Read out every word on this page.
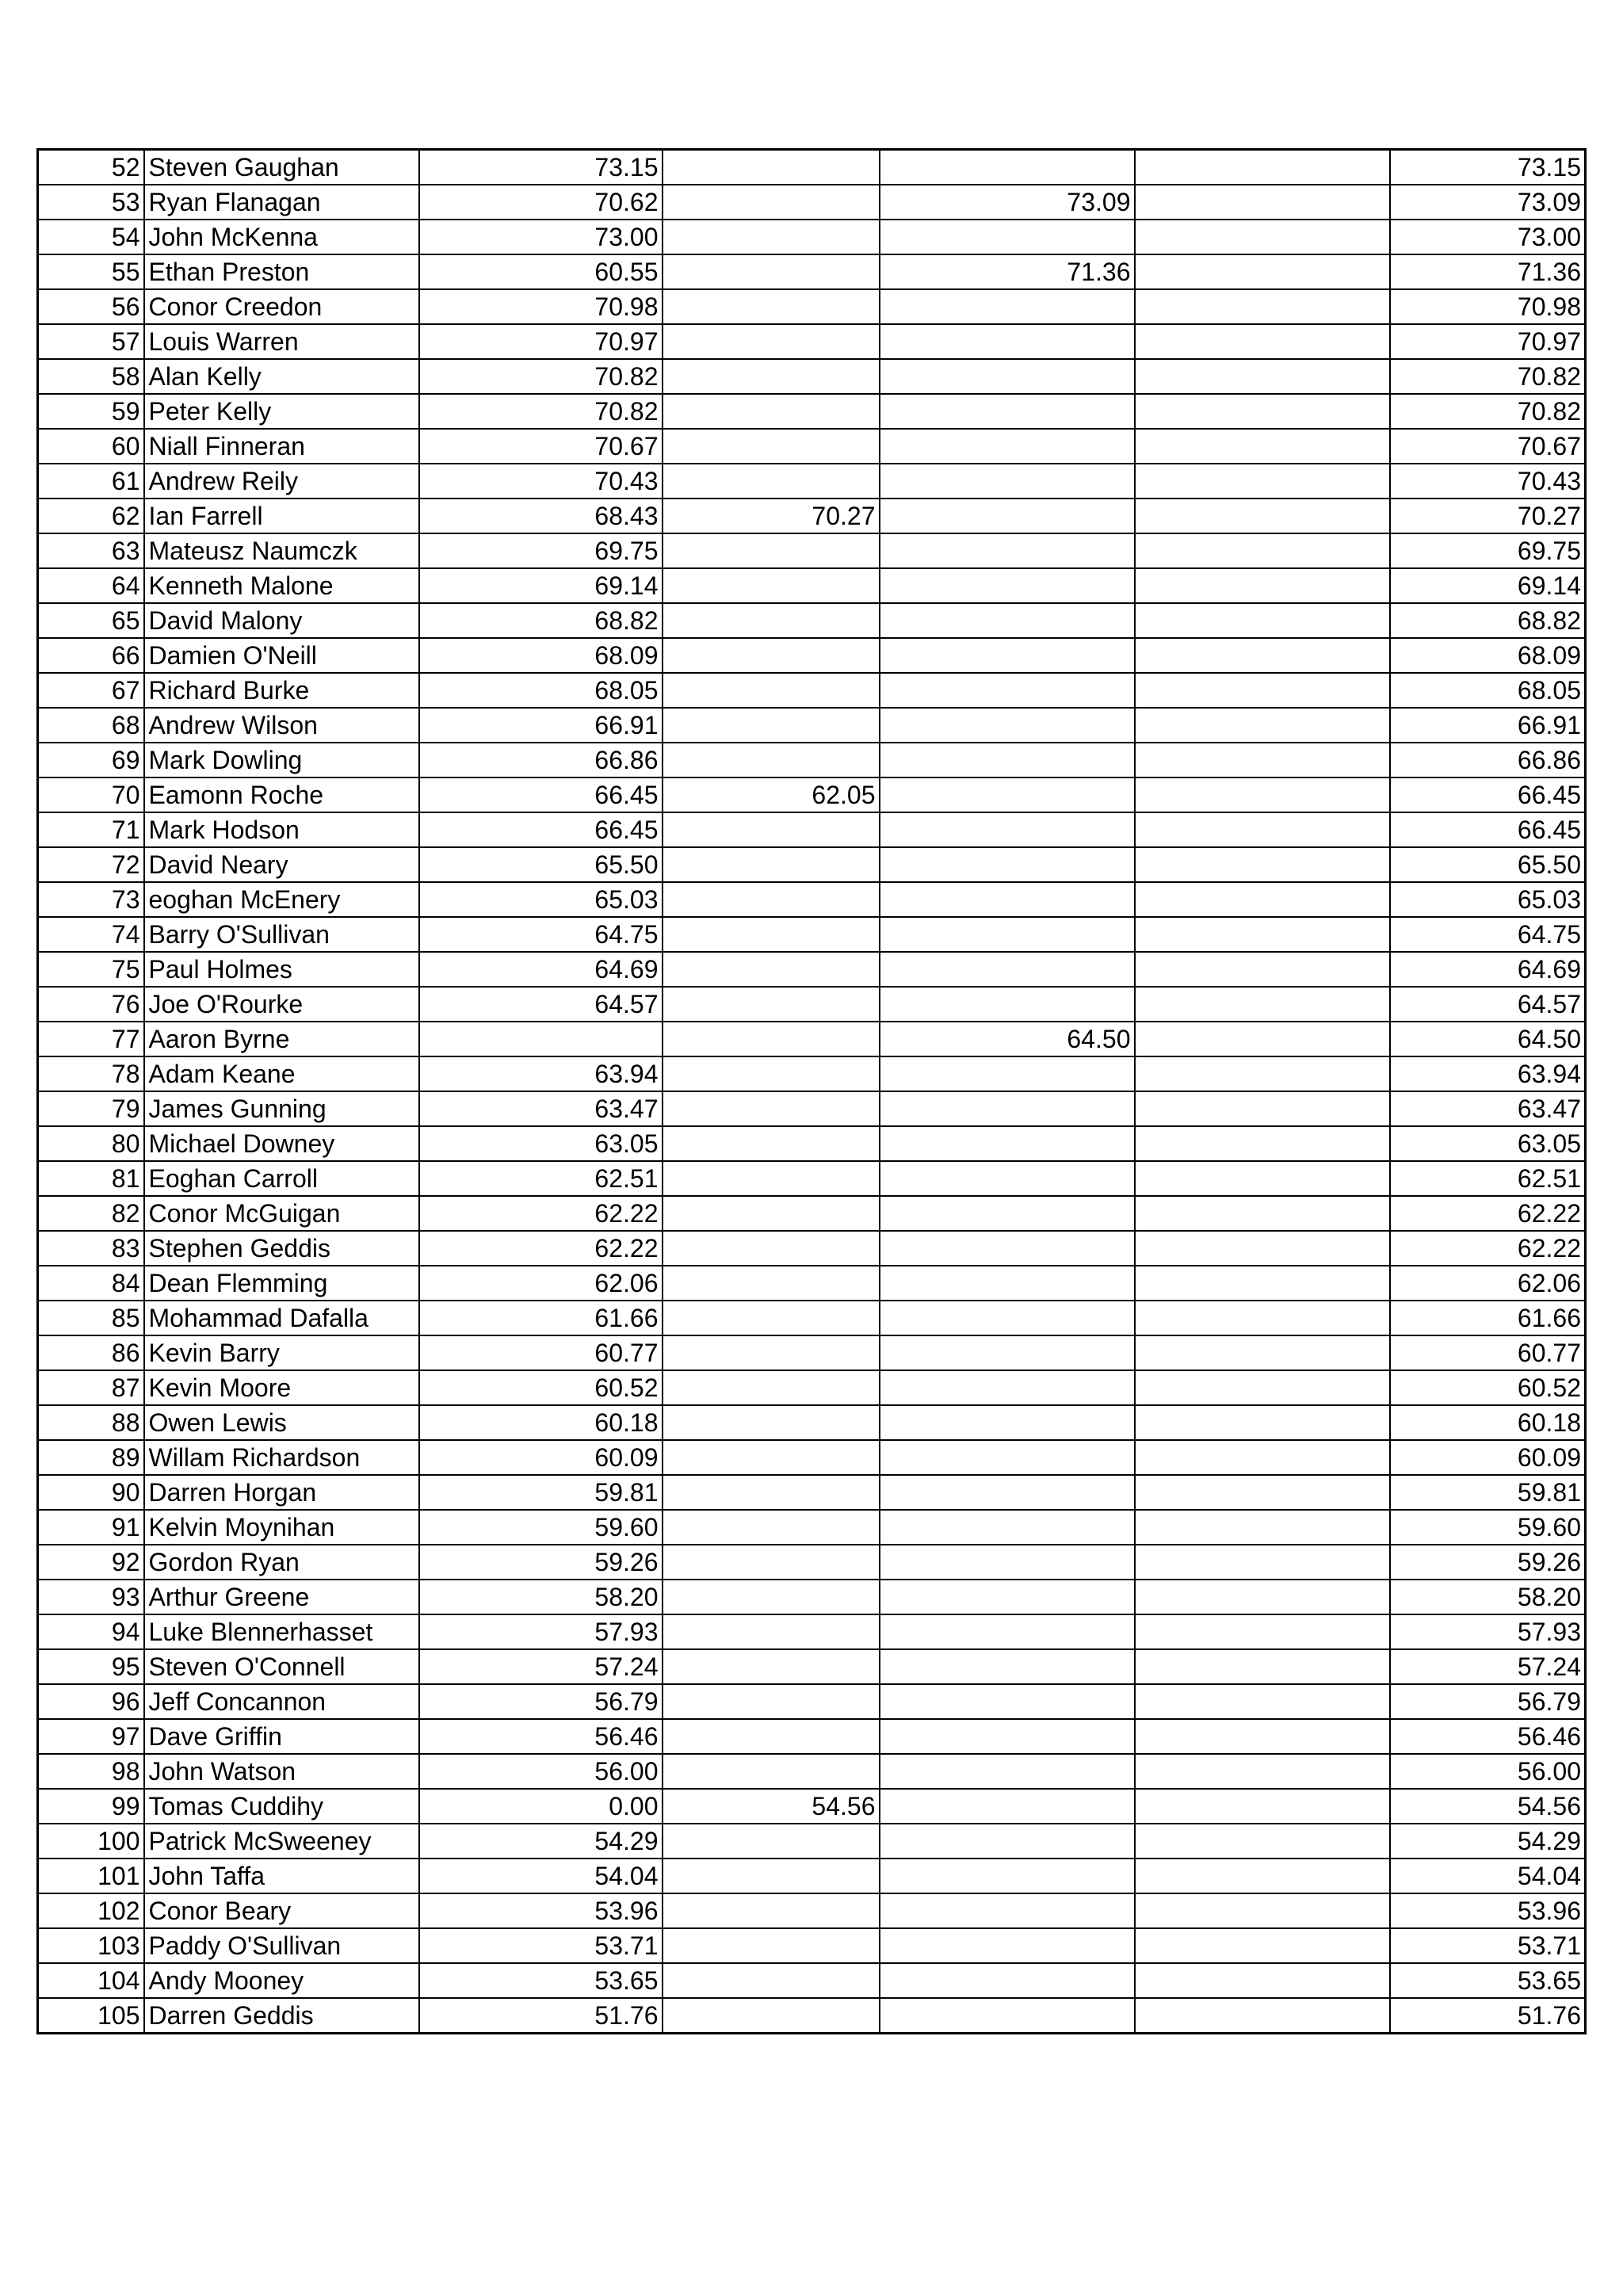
52	Steven Gaughan	73.15				73.15
53	Ryan Flanagan	70.62		73.09		73.09
54	John McKenna	73.00				73.00
55	Ethan Preston	60.55		71.36		71.36
56	Conor Creedon	70.98				70.98
57	Louis Warren	70.97				70.97
58	Alan Kelly	70.82				70.82
59	Peter Kelly	70.82				70.82
60	Niall Finneran	70.67				70.67
61	Andrew Reily	70.43				70.43
62	Ian Farrell	68.43	70.27			70.27
63	Mateusz Naumczk	69.75				69.75
64	Kenneth Malone	69.14				69.14
65	David Malony	68.82				68.82
66	Damien O'Neill	68.09				68.09
67	Richard Burke	68.05				68.05
68	Andrew Wilson	66.91				66.91
69	Mark Dowling	66.86				66.86
70	Eamonn Roche	66.45	62.05			66.45
71	Mark Hodson	66.45				66.45
72	David Neary	65.50				65.50
73	eoghan McEnery	65.03				65.03
74	Barry O'Sullivan	64.75				64.75
75	Paul Holmes	64.69				64.69
76	Joe O'Rourke	64.57				64.57
77	Aaron Byrne			64.50		64.50
78	Adam Keane	63.94				63.94
79	James Gunning	63.47				63.47
80	Michael Downey	63.05				63.05
81	Eoghan Carroll	62.51				62.51
82	Conor McGuigan	62.22				62.22
83	Stephen Geddis	62.22				62.22
84	Dean Flemming	62.06				62.06
85	Mohammad Dafalla	61.66				61.66
86	Kevin Barry	60.77				60.77
87	Kevin Moore	60.52				60.52
88	Owen Lewis	60.18				60.18
89	Willam Richardson	60.09				60.09
90	Darren Horgan	59.81				59.81
91	Kelvin Moynihan	59.60				59.60
92	Gordon Ryan	59.26				59.26
93	Arthur Greene	58.20				58.20
94	Luke Blennerhasset	57.93				57.93
95	Steven O'Connell	57.24				57.24
96	Jeff Concannon	56.79				56.79
97	Dave Griffin	56.46				56.46
98	John Watson	56.00				56.00
99	Tomas Cuddihy	0.00	54.56			54.56
100	Patrick McSweeney	54.29				54.29
101	John Taffa	54.04				54.04
102	Conor Beary	53.96				53.96
103	Paddy O'Sullivan	53.71				53.71
104	Andy Mooney	53.65				53.65
105	Darren Geddis	51.76				51.76
